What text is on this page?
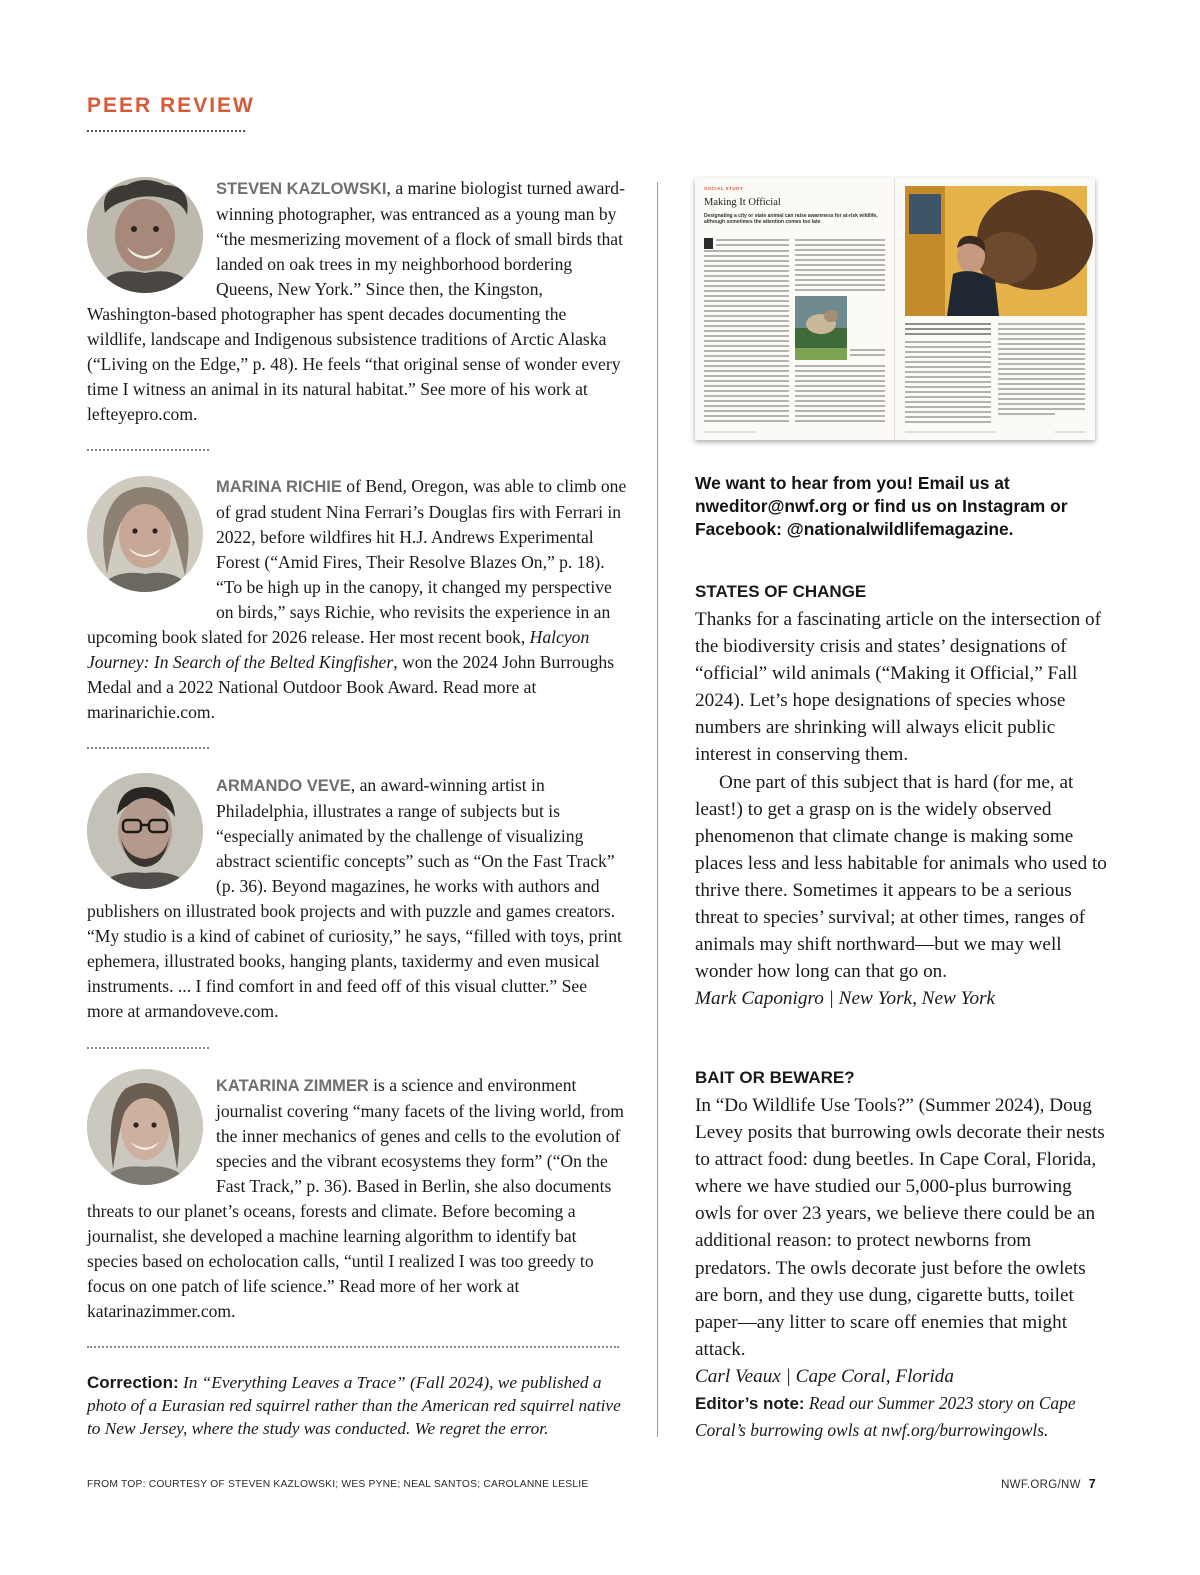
PEER REVIEW

STEVEN KAZLOWSKI, a marine biologist turned award-winning photographer, was entranced as a young man by “the mesmerizing movement of a flock of small birds that landed on oak trees in my neighborhood bordering Queens, New York.” Since then, the Kingston, Washington-based photographer has spent decades documenting the wildlife, landscape and Indigenous subsistence traditions of Arctic Alaska (“Living on the Edge,” p. 48). He feels “that original sense of wonder every time I witness an animal in its natural habitat.” See more of his work at lefteyepro.com.

MARINA RICHIE of Bend, Oregon, was able to climb one of grad student Nina Ferrari’s Douglas firs with Ferrari in 2022, before wildfires hit H.J. Andrews Experimental Forest (“Amid Fires, Their Resolve Blazes On,” p. 18). “To be high up in the canopy, it changed my perspective on birds,” says Richie, who revisits the experience in an upcoming book slated for 2026 release. Her most recent book, Halcyon Journey: In Search of the Belted Kingfisher, won the 2024 John Burroughs Medal and a 2022 National Outdoor Book Award. Read more at marinarichie.com.

ARMANDO VEVE, an award-winning artist in Philadelphia, illustrates a range of subjects but is “especially animated by the challenge of visualizing abstract scientific concepts” such as “On the Fast Track” (p. 36). Beyond magazines, he works with authors and publishers on illustrated book projects and with puzzle and games creators. “My studio is a kind of cabinet of curiosity,” he says, “filled with toys, print ephemera, illustrated books, hanging plants, taxidermy and even musical instruments. ... I find comfort in and feed off of this visual clutter.” See more at armandoveve.com.

KATARINA ZIMMER is a science and environment journalist covering “many facets of the living world, from the inner mechanics of genes and cells to the evolution of species and the vibrant ecosystems they form” (“On the Fast Track,” p. 36). Based in Berlin, she also documents threats to our planet’s oceans, forests and climate. Before becoming a journalist, she developed a machine learning algorithm to identify bat species based on echolocation calls, “until I realized I was too greedy to focus on one patch of life science.” Read more of her work at katarinazimmer.com.

Correction: In “Everything Leaves a Trace” (Fall 2024), we published a photo of a Eurasian red squirrel rather than the American red squirrel native to New Jersey, where the study was conducted. We regret the error.

SOCIAL STUDY
Making It Official
Designating a city or state animal can raise awareness for at-risk wildlife, although sometimes the attention comes too late

We want to hear from you! Email us at nweditor@nwf.org or find us on Instagram or Facebook: @nationalwildlifemagazine.

STATES OF CHANGE

Thanks for a fascinating article on the intersection of the biodiversity crisis and states’ designations of “official” wild animals (“Making it Official,” Fall 2024). Let’s hope designations of species whose numbers are shrinking will always elicit public interest in conserving them.

One part of this subject that is hard (for me, at least!) to get a grasp on is the widely observed phenomenon that climate change is making some places less and less habitable for animals who used to thrive there. Sometimes it appears to be a serious threat to species’ survival; at other times, ranges of animals may shift northward—but we may well wonder how long can that go on.

Mark Caponigro | New York, New York

BAIT OR BEWARE?

In “Do Wildlife Use Tools?” (Summer 2024), Doug Levey posits that burrowing owls decorate their nests to attract food: dung beetles. In Cape Coral, Florida, where we have studied our 5,000-plus burrowing owls for over 23 years, we believe there could be an additional reason: to protect newborns from predators. The owls decorate just before the owlets are born, and they use dung, cigarette butts, toilet paper—any litter to scare off enemies that might attack.

Carl Veaux | Cape Coral, Florida

Editor’s note: Read our Summer 2023 story on Cape Coral’s burrowing owls at nwf.org/burrowingowls.

FROM TOP: COURTESY OF STEVEN KAZLOWSKI; WES PYNE; NEAL SANTOS; CAROLANNE LESLIE	NWF.ORG/NW 7
